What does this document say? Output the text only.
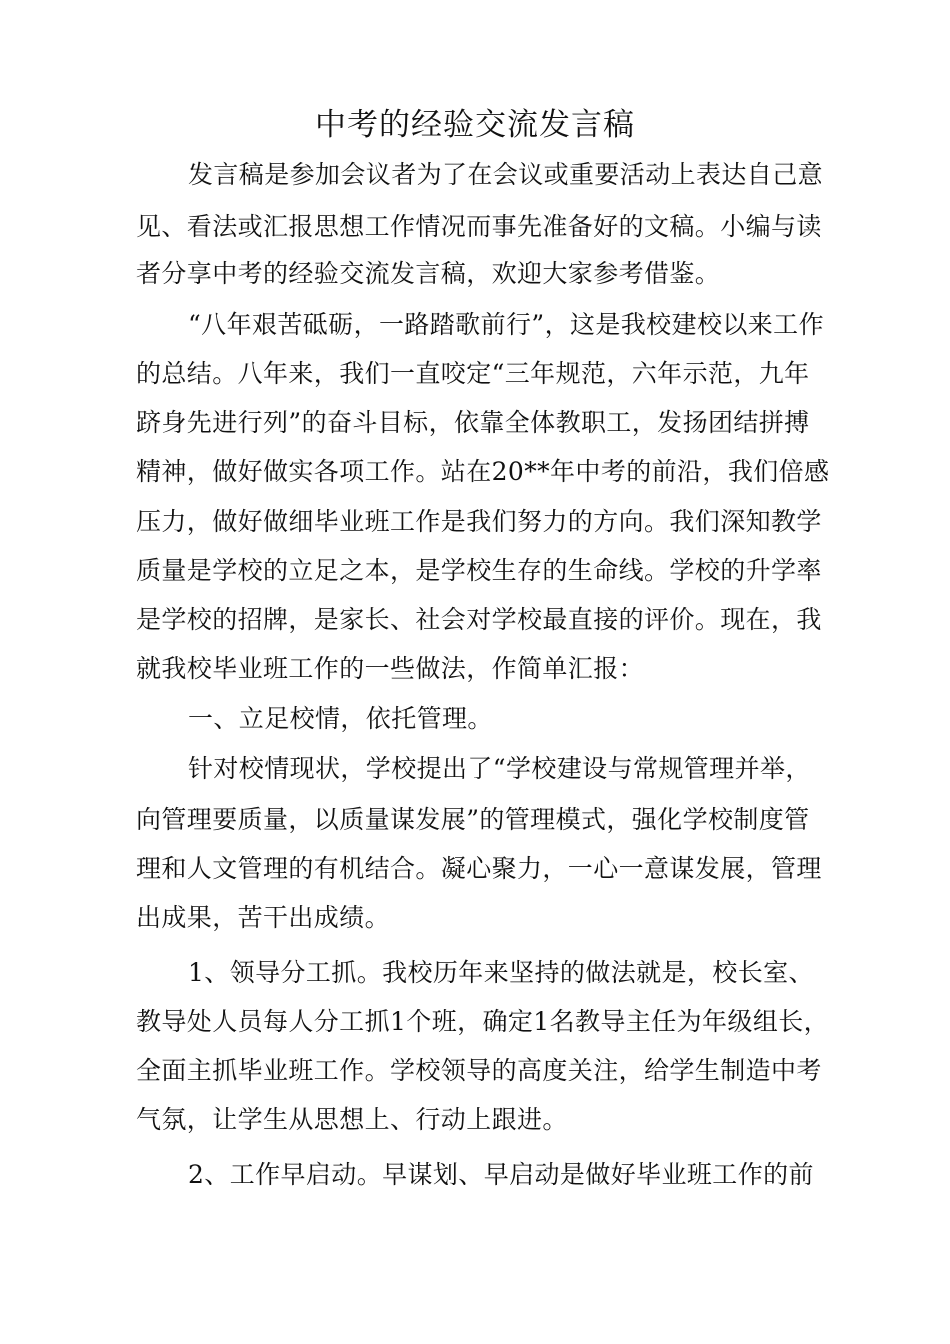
中考的经验交流发言稿
发言稿是参加会议者为了在会议或重要活动上表达自己意
见、看法或汇报思想工作情况而事先准备好的文稿。小编与读
者分享中考的经验交流发言稿，欢迎大家参考借鉴。
“八年艰苦砥砺，一路踏歌前行”，这是我校建校以来工作
的总结。八年来，我们一直咬定“三年规范，六年示范，九年
跻身先进行列”的奋斗目标，依靠全体教职工，发扬团结拼搏
精神，做好做实各项工作。站在20**年中考的前沿，我们倍感
压力，做好做细毕业班工作是我们努力的方向。我们深知教学
质量是学校的立足之本，是学校生存的生命线。学校的升学率
是学校的招牌，是家长、社会对学校最直接的评价。现在，我
就我校毕业班工作的一些做法，作简单汇报：
一、立足校情，依托管理。
针对校情现状，学校提出了“学校建设与常规管理并举，
向管理要质量，以质量谋发展”的管理模式，强化学校制度管
理和人文管理的有机结合。凝心聚力，一心一意谋发展，管理
出成果，苦干出成绩。
1、领导分工抓。我校历年来坚持的做法就是，校长室、
教导处人员每人分工抓1个班，确定1名教导主任为年级组长，
全面主抓毕业班工作。学校领导的高度关注，给学生制造中考
气氛，让学生从思想上、行动上跟进。
2、工作早启动。早谋划、早启动是做好毕业班工作的前
